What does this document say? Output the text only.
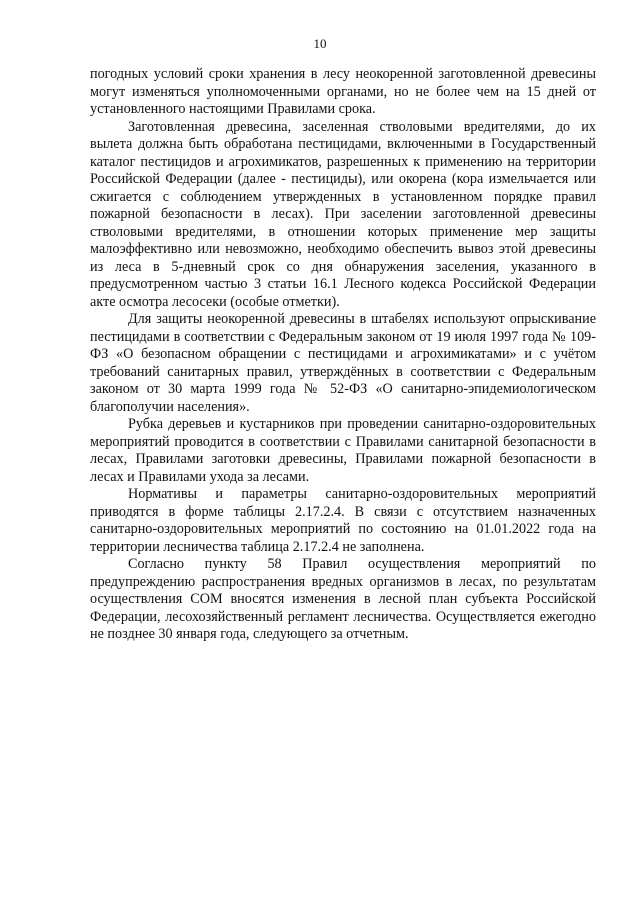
10

погодных условий сроки хранения в лесу неокоренной заготовленной древесины могут изменяться уполномоченными органами, но не более чем на 15 дней от установленного настоящими Правилами срока.

Заготовленная древесина, заселенная стволовыми вредителями, до их вылета должна быть обработана пестицидами, включенными в Государственный каталог пестицидов и агрохимикатов, разрешенных к применению на территории Российской Федерации (далее - пестициды), или окорена (кора измельчается или сжигается с соблюдением утвержденных в установленном порядке правил пожарной безопасности в лесах). При заселении заготовленной древесины стволовыми вредителями, в отношении которых применение мер защиты малоэффективно или невозможно, необходимо обеспечить вывоз этой древесины из леса в 5-дневный срок со дня обнаружения заселения, указанного в предусмотренном частью 3 статьи 16.1 Лесного кодекса Российской Федерации акте осмотра лесосеки (особые отметки).

Для защиты неокоренной древесины в штабелях используют опрыскивание пестицидами в соответствии с Федеральным законом от 19 июля 1997 года № 109-ФЗ «О безопасном обращении с пестицидами и агрохимикатами» и с учётом требований санитарных правил, утверждённых в соответствии с Федеральным законом от 30 марта 1999 года № 52-ФЗ «О санитарно-эпидемиологическом благополучии населения».

Рубка деревьев и кустарников при проведении санитарно-оздоровительных мероприятий проводится в соответствии с Правилами санитарной безопасности в лесах, Правилами заготовки древесины, Правилами пожарной безопасности в лесах и Правилами ухода за лесами.

Нормативы и параметры санитарно-оздоровительных мероприятий приводятся в форме таблицы 2.17.2.4. В связи с отсутствием назначенных санитарно-оздоровительных мероприятий по состоянию на 01.01.2022 года на территории лесничества таблица 2.17.2.4 не заполнена.

Согласно пункту 58 Правил осуществления мероприятий по предупреждению распространения вредных организмов в лесах, по результатам осуществления СОМ вносятся изменения в лесной план субъекта Российской Федерации, лесохозяйственный регламент лесничества. Осуществляется ежегодно не позднее 30 января года, следующего за отчетным.
